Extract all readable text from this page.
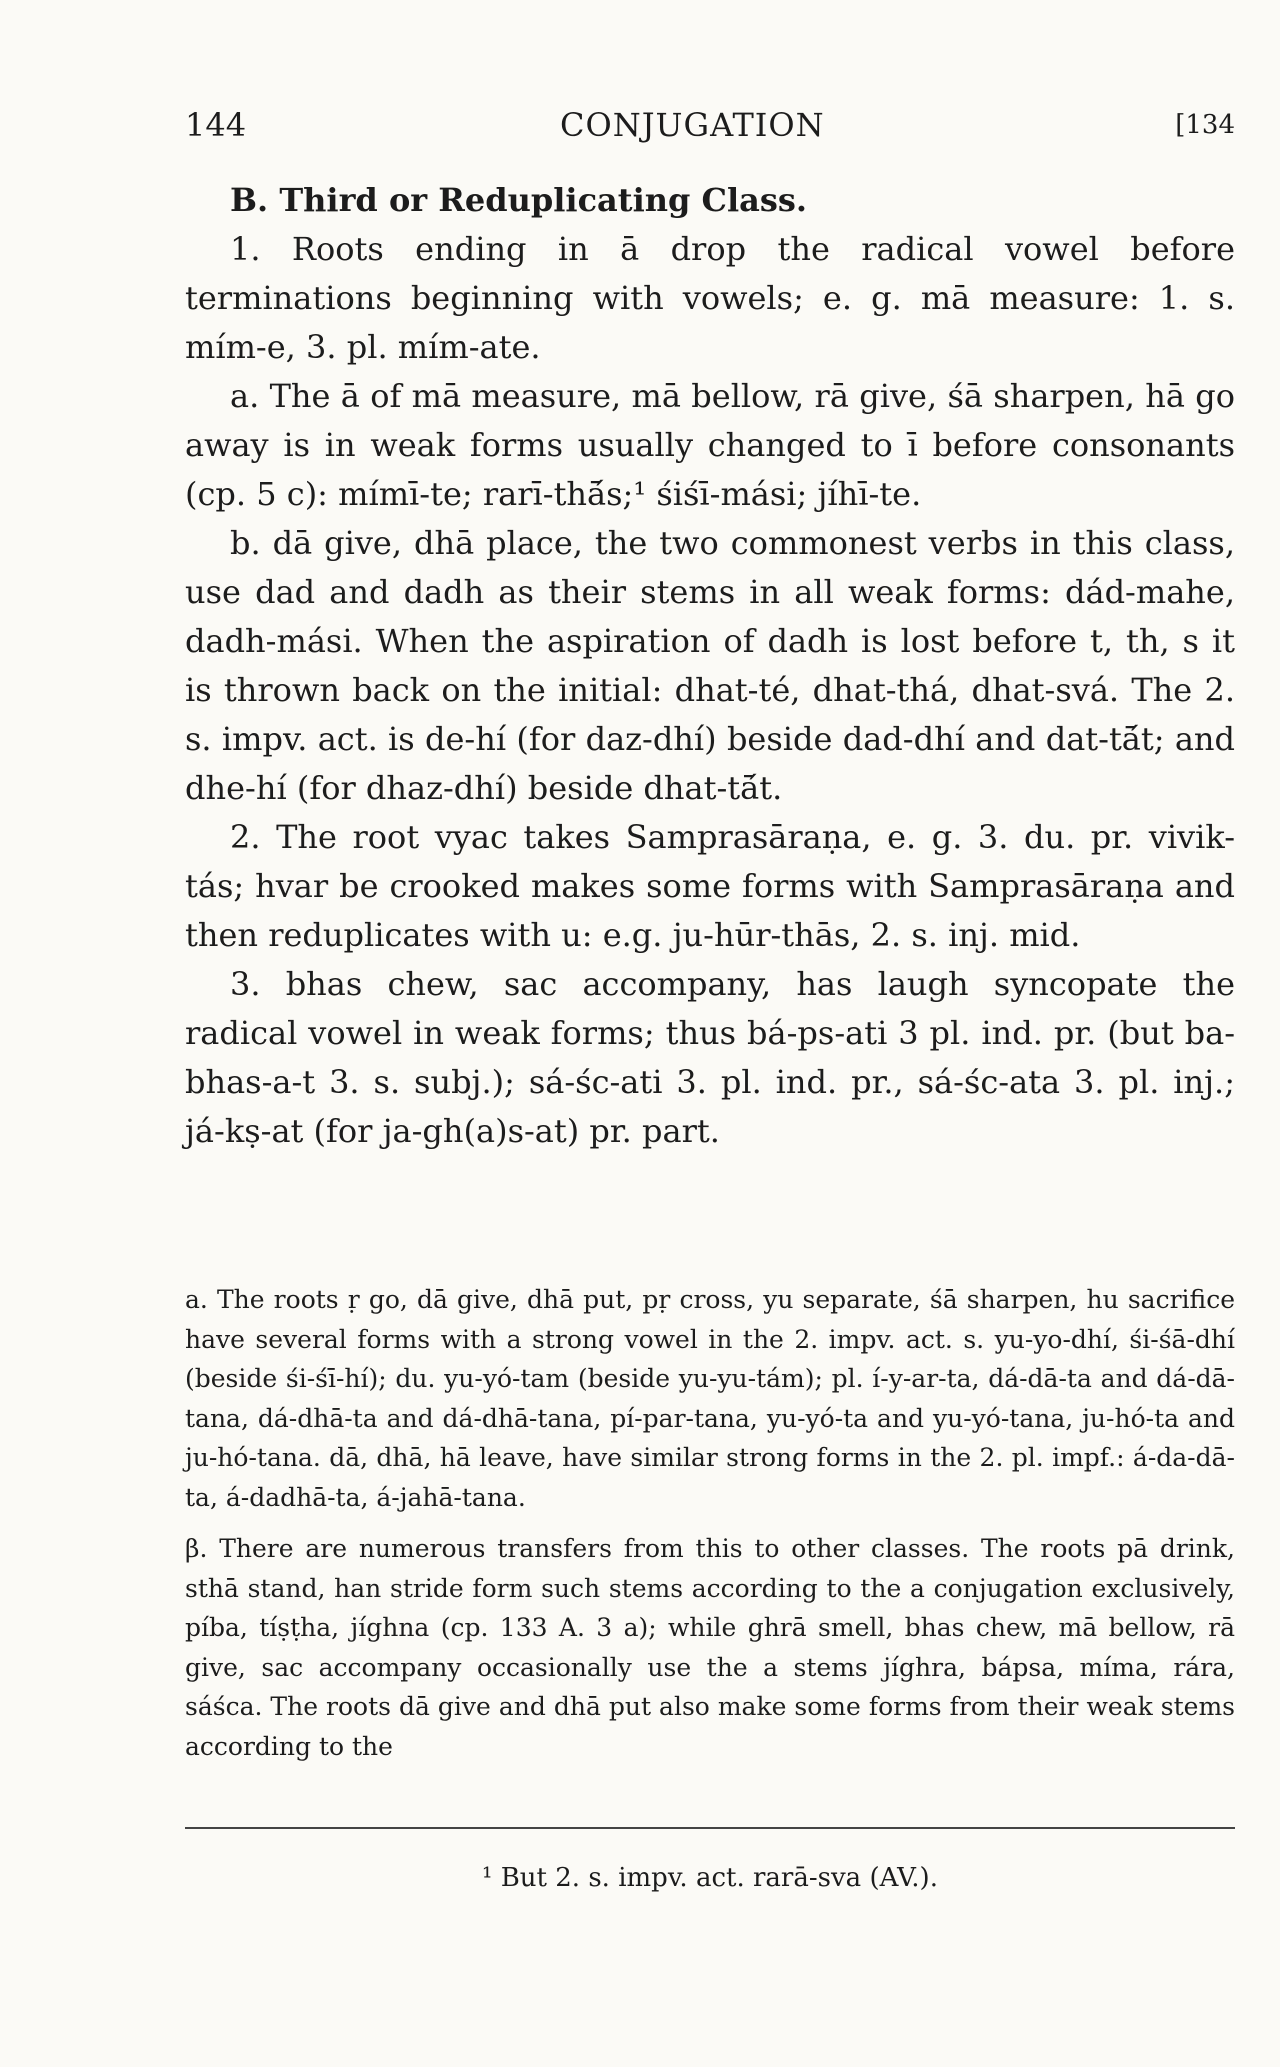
144	CONJUGATION	[134

B. Third or Reduplicating Class.

1. Roots ending in ā drop the radical vowel before terminations beginning with vowels; e. g. mā measure: 1. s. mím-e, 3. pl. mím-ate.

a. The ā of mā measure, mā bellow, rā give, śā sharpen, hā go away is in weak forms usually changed to ī before consonants (cp. 5 c): mímī-te; rarī-thā́s;¹ śiśī-mási; jíhī-te.

b. dā give, dhā place, the two commonest verbs in this class, use dad and dadh as their stems in all weak forms: dád-mahe, dadh-mási. When the aspiration of dadh is lost before t, th, s it is thrown back on the initial: dhat-té, dhat-thá, dhat-svá. The 2. s. impv. act. is de-hí (for daz-dhí) beside dad-dhí and dat-tā́t; and dhe-hí (for dhaz-dhí) beside dhat-tā́t.

2. The root vyac takes Samprasāraṇa, e. g. 3. du. pr. vivik-tás; hvar be crooked makes some forms with Samprasāraṇa and then reduplicates with u: e.g. ju-hūr-thās, 2. s. inj. mid.

3. bhas chew, sac accompany, has laugh syncopate the radical vowel in weak forms; thus bá-ps-ati 3 pl. ind. pr. (but ba-bhas-a-t 3. s. subj.); sá-śc-ati 3. pl. ind. pr., sá-śc-ata 3. pl. inj.; já-kṣ-at (for ja-gh(a)s-at) pr. part.

a. The roots ṛ go, dā give, dhā put, pṛ cross, yu separate, śā sharpen, hu sacrifice have several forms with a strong vowel in the 2. impv. act. s. yu-yo-dhí, śi-śā-dhí (beside śi-śī-hí); du. yu-yó-tam (beside yu-yu-tám); pl. í-y-ar-ta, dá-dā-ta and dá-dā-tana, dá-dhā-ta and dá-dhā-tana, pí-par-tana, yu-yó-ta and yu-yó-tana, ju-hó-ta and ju-hó-tana. dā, dhā, hā leave, have similar strong forms in the 2. pl. impf.: á-da-dā-ta, á-dadhā-ta, á-jahā-tana.

β. There are numerous transfers from this to other classes. The roots pā drink, sthā stand, han stride form such stems according to the a conjugation exclusively, píba, tíṣṭha, jíghna (cp. 133 A. 3 a); while ghrā smell, bhas chew, mā bellow, rā give, sac accompany occasionally use the a stems jíghra, bápsa, míma, rára, sáśca. The roots dā give and dhā put also make some forms from their weak stems according to the

¹ But 2. s. impv. act. rarā-sva (AV.).
